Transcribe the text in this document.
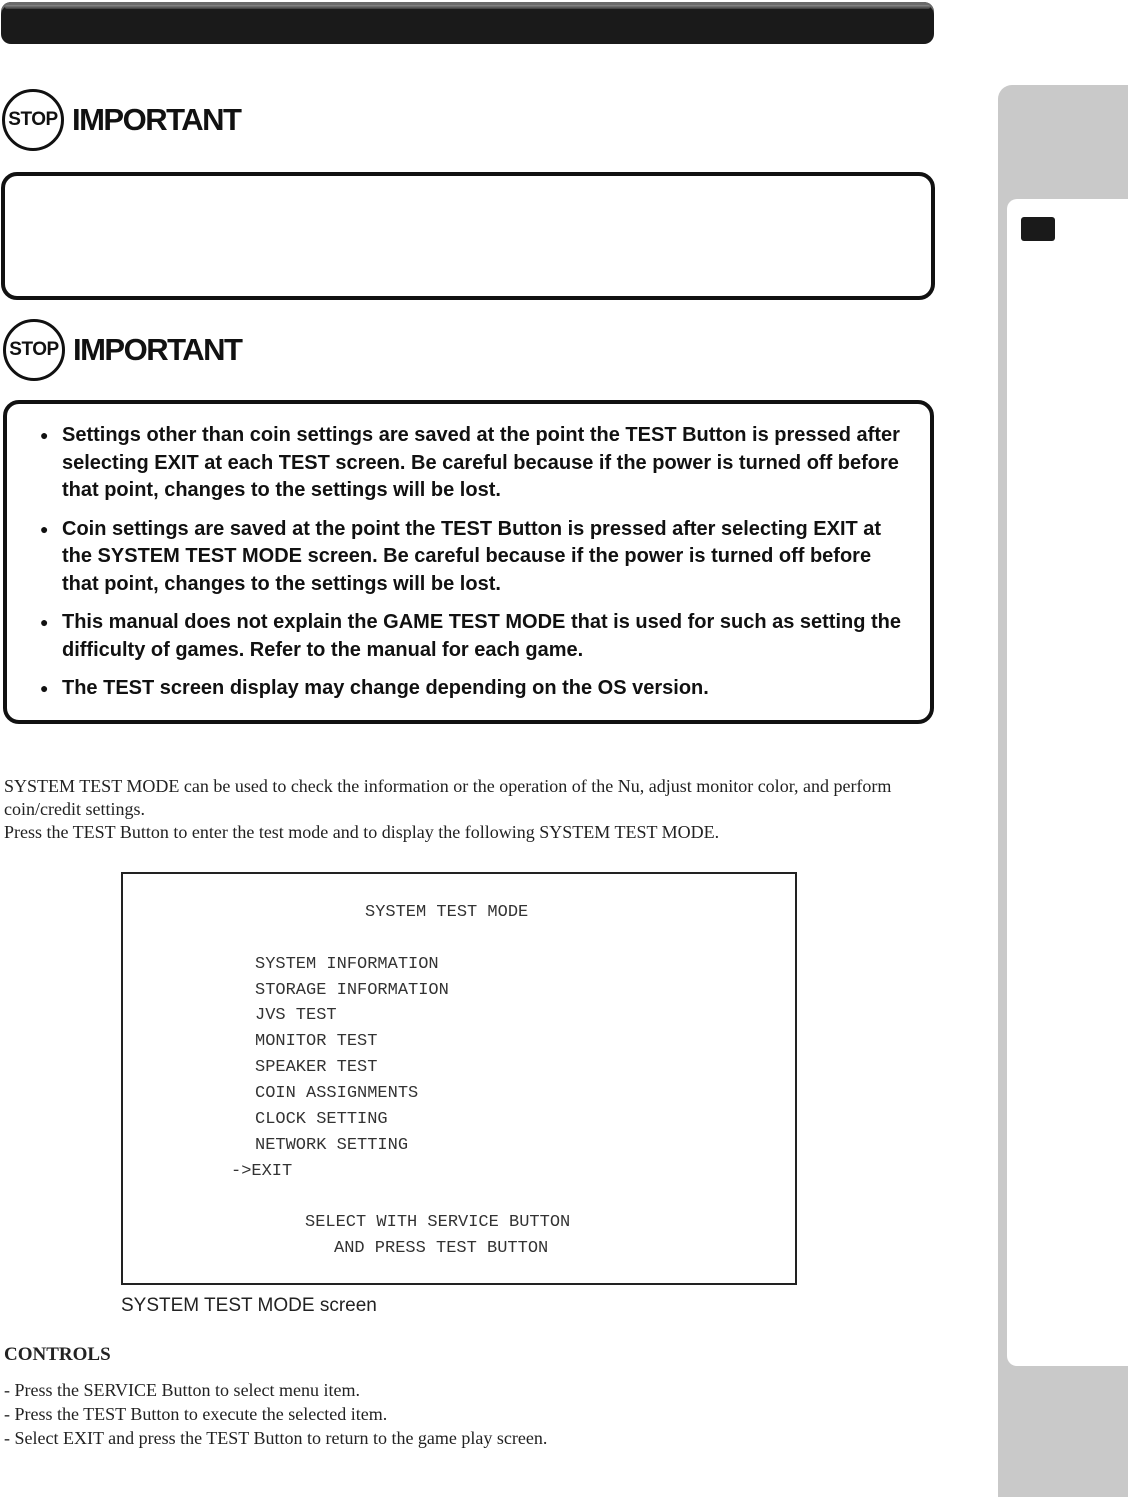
STOP IMPORTANT
STOP IMPORTANT
● Settings other than coin settings are saved at the point the TEST Button is pressed after selecting EXIT at each TEST screen. Be careful because if the power is turned off before that point, changes to the settings will be lost.
● Coin settings are saved at the point the TEST Button is pressed after selecting EXIT at the SYSTEM TEST MODE screen. Be careful because if the power is turned off before that point, changes to the settings will be lost.
● This manual does not explain the GAME TEST MODE that is used for such as setting the difficulty of games. Refer to the manual for each game.
● The TEST screen display may change depending on the OS version.

SYSTEM TEST MODE can be used to check the information or the operation of the Nu, adjust monitor color, and perform coin/credit settings.

Press the TEST Button to enter the test mode and to display the following SYSTEM TEST MODE.

SYSTEM TEST MODE
SYSTEM INFORMATION
STORAGE INFORMATION
JVS TEST
MONITOR TEST
SPEAKER TEST
COIN ASSIGNMENTS
CLOCK SETTING
NETWORK SETTING
->EXIT
SELECT WITH SERVICE BUTTON
AND PRESS TEST BUTTON
SYSTEM TEST MODE screen
CONTROLS
- Press the SERVICE Button to select menu item.
- Press the TEST Button to execute the selected item.
- Select EXIT and press the TEST Button to return to the game play screen.
